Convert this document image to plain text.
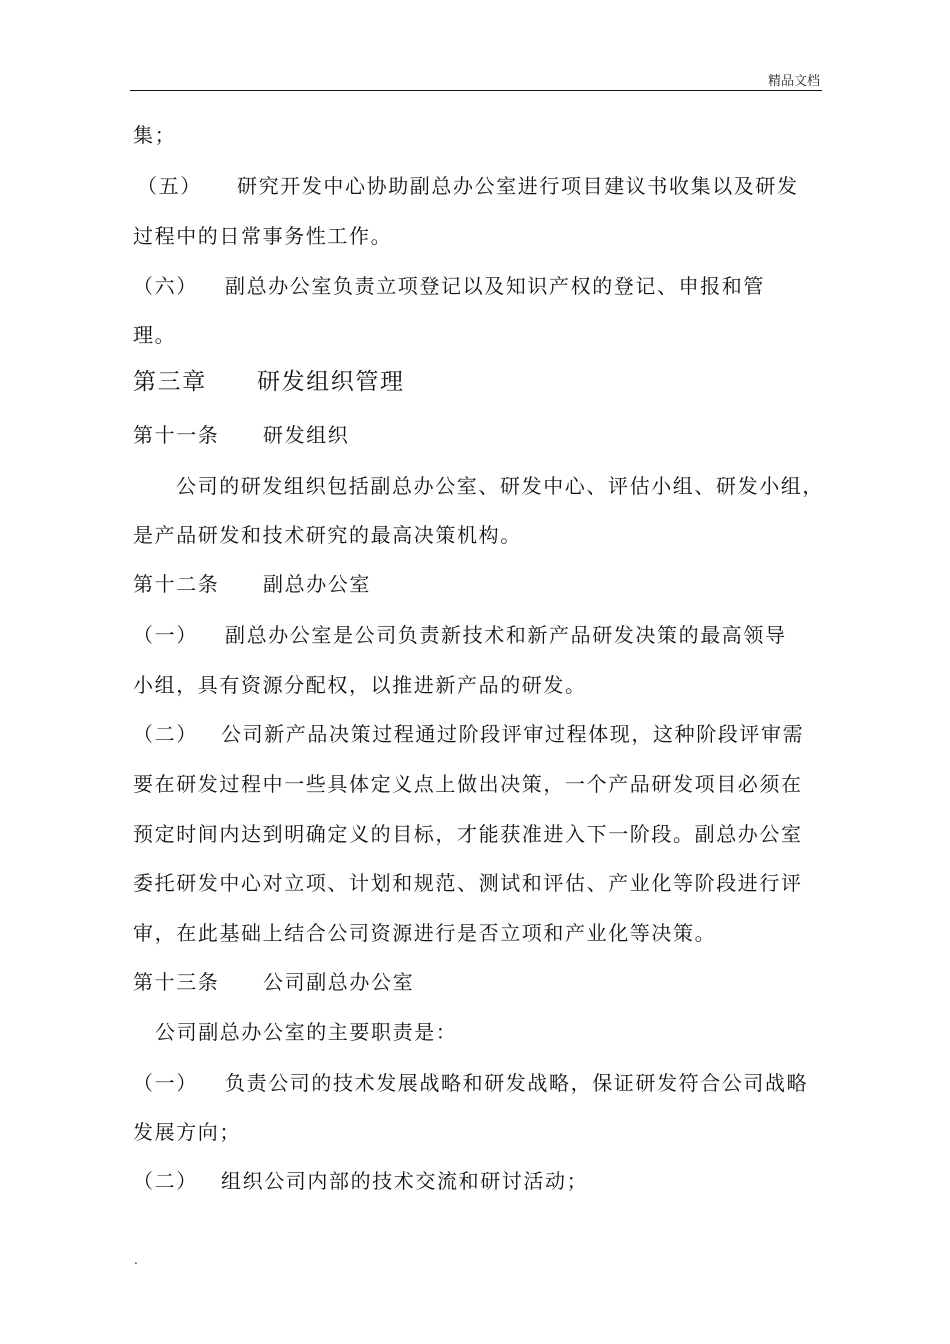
精品文档
集；
（五） 研究开发中心协助副总办公室进行项目建议书收集以及研发
过程中的日常事务性工作。
（六） 副总办公室负责立项登记以及知识产权的登记、申报和管
理。
第三章 研发组织管理
第十一条 研发组织
公司的研发组织包括副总办公室、研发中心、评估小组、研发小组，
是产品研发和技术研究的最高决策机构。
第十二条 副总办公室
（一） 副总办公室是公司负责新技术和新产品研发决策的最高领导
小组，具有资源分配权，以推进新产品的研发。
（二） 公司新产品决策过程通过阶段评审过程体现，这种阶段评审需
要在研发过程中一些具体定义点上做出决策，一个产品研发项目必须在
预定时间内达到明确定义的目标，才能获准进入下一阶段。副总办公室
委托研发中心对立项、计划和规范、测试和评估、产业化等阶段进行评
审，在此基础上结合公司资源进行是否立项和产业化等决策。
第十三条 公司副总办公室
公司副总办公室的主要职责是：
（一） 负责公司的技术发展战略和研发战略，保证研发符合公司战略
发展方向；
（二） 组织公司内部的技术交流和研讨活动；
.
